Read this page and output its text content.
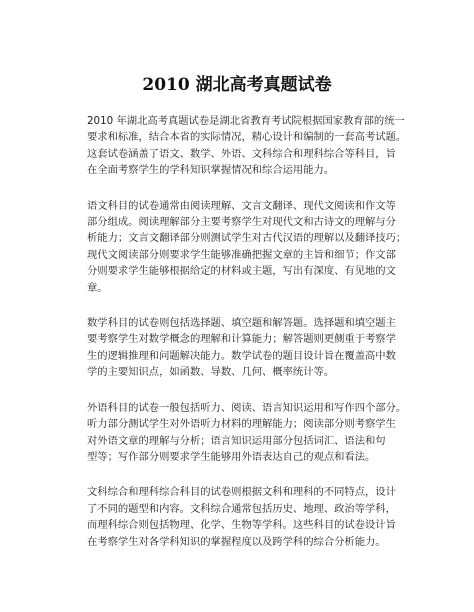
2010 湖北高考真题试卷

2010 年湖北高考真题试卷是湖北省教育考试院根据国家教育部的统一
要求和标准，结合本省的实际情况，精心设计和编制的一套高考试题。
这套试卷涵盖了语文、数学、外语、文科综合和理科综合等科目，旨
在全面考察学生的学科知识掌握情况和综合运用能力。

语文科目的试卷通常由阅读理解、文言文翻译、现代文阅读和作文等
部分组成。阅读理解部分主要考察学生对现代文和古诗文的理解与分
析能力；文言文翻译部分则测试学生对古代汉语的理解以及翻译技巧；
现代文阅读部分则要求学生能够准确把握文章的主旨和细节；作文部
分则要求学生能够根据给定的材料或主题，写出有深度、有见地的文
章。

数学科目的试卷则包括选择题、填空题和解答题。选择题和填空题主
要考察学生对数学概念的理解和计算能力；解答题则更侧重于考察学
生的逻辑推理和问题解决能力。数学试卷的题目设计旨在覆盖高中数
学的主要知识点，如函数、导数、几何、概率统计等。

外语科目的试卷一般包括听力、阅读、语言知识运用和写作四个部分。
听力部分测试学生对外语听力材料的理解能力；阅读部分则考察学生
对外语文章的理解与分析；语言知识运用部分包括词汇、语法和句
型等；写作部分则要求学生能够用外语表达自己的观点和看法。

文科综合和理科综合科目的试卷则根据文科和理科的不同特点，设计
了不同的题型和内容。文科综合通常包括历史、地理、政治等学科，
而理科综合则包括物理、化学、生物等学科。这些科目的试卷设计旨
在考察学生对各学科知识的掌握程度以及跨学科的综合分析能力。
